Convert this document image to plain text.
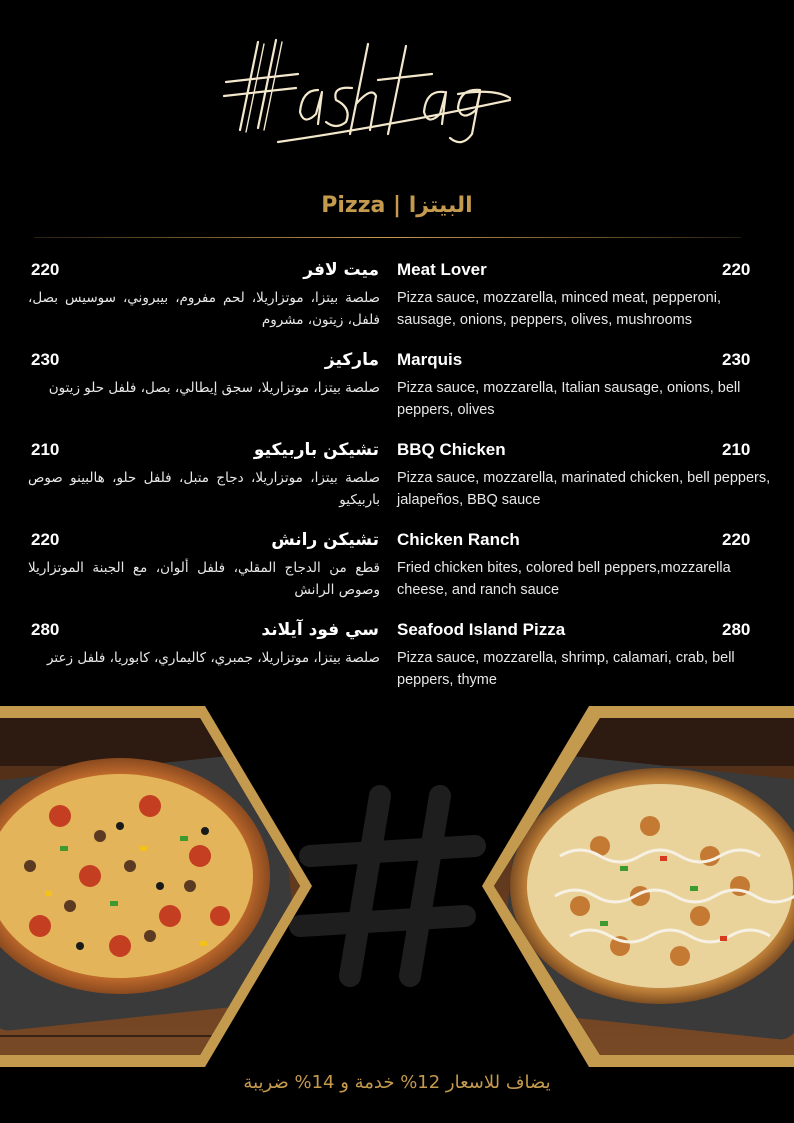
Pizza | البيتزا
Meat Lover	220
Pizza sauce, mozzarella, minced meat, pepperoni, sausage, onions, peppers, olives, mushrooms
Marquis	230
Pizza sauce, mozzarella, Italian sausage, onions, bell peppers, olives
BBQ Chicken	210
Pizza sauce, mozzarella, marinated chicken, bell peppers, jalapeños, BBQ sauce
Chicken Ranch	220
Fried chicken bites, colored bell peppers,mozzarella cheese, and ranch sauce
Seafood Island Pizza	280
Pizza sauce, mozzarella, shrimp, calamari, crab, bell peppers, thyme
ميت لافر
220
صلصة بيتزا، موتزاريلا، لحم مفروم، بيبروني، سوسيس بصل، فلفل، زيتون، مشروم
ماركيز
230
صلصة بيتزا، موتزاريلا، سجق إيطالي، بصل، فلفل حلو زيتون
تشيكن باربيكيو
210
صلصة بيتزا، موتزاريلا، دجاج متبل، فلفل حلو، هالبينو صوص باربيكيو
تشيكن رانش
220
قطع من الدجاج المقلي، فلفل ألوان، مع الجبنة الموتزاريلا وصوص الرانش
سي فود آيلاند
280
صلصة بيتزا، موتزاريلا، جمبري، كاليماري، كابوريا، فلفل زعتر
يضاف للاسعار 12% خدمة و 14% ضريبة
